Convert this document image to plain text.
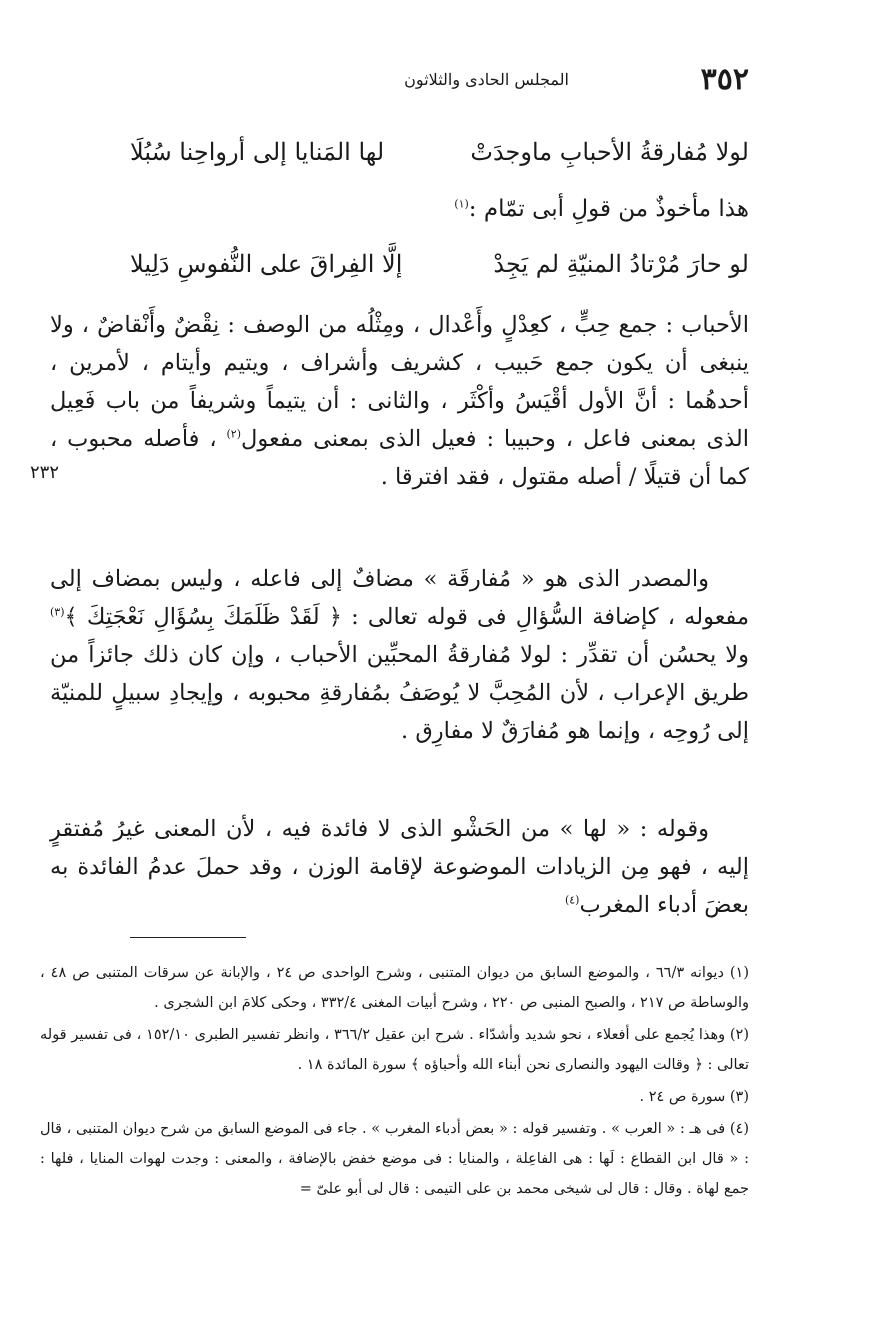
٣٥٢
المجلس الحادى والثلاثون
لولا مُفارقةُ الأحبابِ ماوجدَتْ
لها المَنايا إلى أرواحِنا سُبُلَا
هذا مأخوذٌ من قولِ أبى تمّام :$^{(١)}$
لو حارَ مُرْتادُ المنيّةِ لم يَجِدْ
إلَّا الفِراقَ على النُّفوسِ دَلِيلا

الأحباب : جمع حِبٍّ ، كعِدْلٍ وأَعْدال ، ومِثْلُه من الوصف : نِقْضٌ وأَنْقاضٌ ، ولا ينبغى أن يكون جمع حَبيب ، كشريف وأشراف ، ويتيم وأيتام ، لأمرين ، أحدهُما : أنَّ الأول أقْيَسُ وأكْثَر ، والثانى : أن يتيماً وشريفاً من باب فَعِيل الذى بمعنى فاعل ، وحبيبا : فعيل الذى بمعنى مفعول$^{(٢)}$ ، فأصله محبوب ، كما أن قتيلًا / أصله مقتول ، فقد افترقا .

٢٣٢

والمصدر الذى هو « مُفارقَة » مضافٌ إلى فاعله ، وليس بمضاف إلى مفعوله ، كإضافة السُّؤالِ فى قوله تعالى : ﴿ لَقَدْ ظَلَمَكَ بِسُؤَالِ نَعْجَتِكَ ﴾$^{(٣)}$ ولا يحسُن أن تقدِّر : لولا مُفارقةُ المحبِّين الأحباب ، وإن كان ذلك جائزاً من طريق الإعراب ، لأن المُحِبَّ لا يُوصَفُ بمُفارقةِ محبوبه ، وإيجادِ سبيلٍ للمنيّة إلى رُوحِه ، وإنما هو مُفارَقٌ لا مفارِق .

وقوله : « لها » من الحَشْو الذى لا فائدة فيه ، لأن المعنى غيرُ مُفتقرٍ إليه ، فهو مِن الزيادات الموضوعة لإقامة الوزن ، وقد حملَ عدمُ الفائدة به بعضَ أدباء المغرب$^{(٤)}$

(١) ديوانه ٦٦/٣ ، والموضع السابق من ديوان المتنبى ، وشرح الواحدى ص ٢٤ ، والإبانة عن سرقات المتنبى ص ٤٨ ، والوساطة ص ٢١٧ ، والصبح المنبى ص ٢٢٠ ، وشرح أبيات المغنى ٣٣٢/٤ ، وحكى كلامَ ابن الشجرى .

(٢) وهذا يُجمع على أفعلاء ، نحو شديد وأشدّاء . شرح ابن عقيل ٣٦٦/٢ ، وانظر تفسير الطبرى ١٥٢/١٠ ، فى تفسير قوله تعالى : ﴿ وقالت اليهود والنصارى نحن أبناء الله وأحباؤه ﴾ سورة المائدة ١٨ .

(٣) سورة ص ٢٤ .

(٤) فى هـ : « العرب » . وتفسير قوله : « بعض أدباء المغرب » . جاء فى الموضع السابق من شرح ديوان المتنبى ، قال : « قال ابن القطاع : لَها : هى الفاعِلة ، والمنايا : فى موضع خفض بالإضافة ، والمعنى : وجدت لهوات المنايا ، فلها : جمع لهاة . وقال : قال لى شيخى محمد بن على التيمى : قال لى أبو علىّ =
